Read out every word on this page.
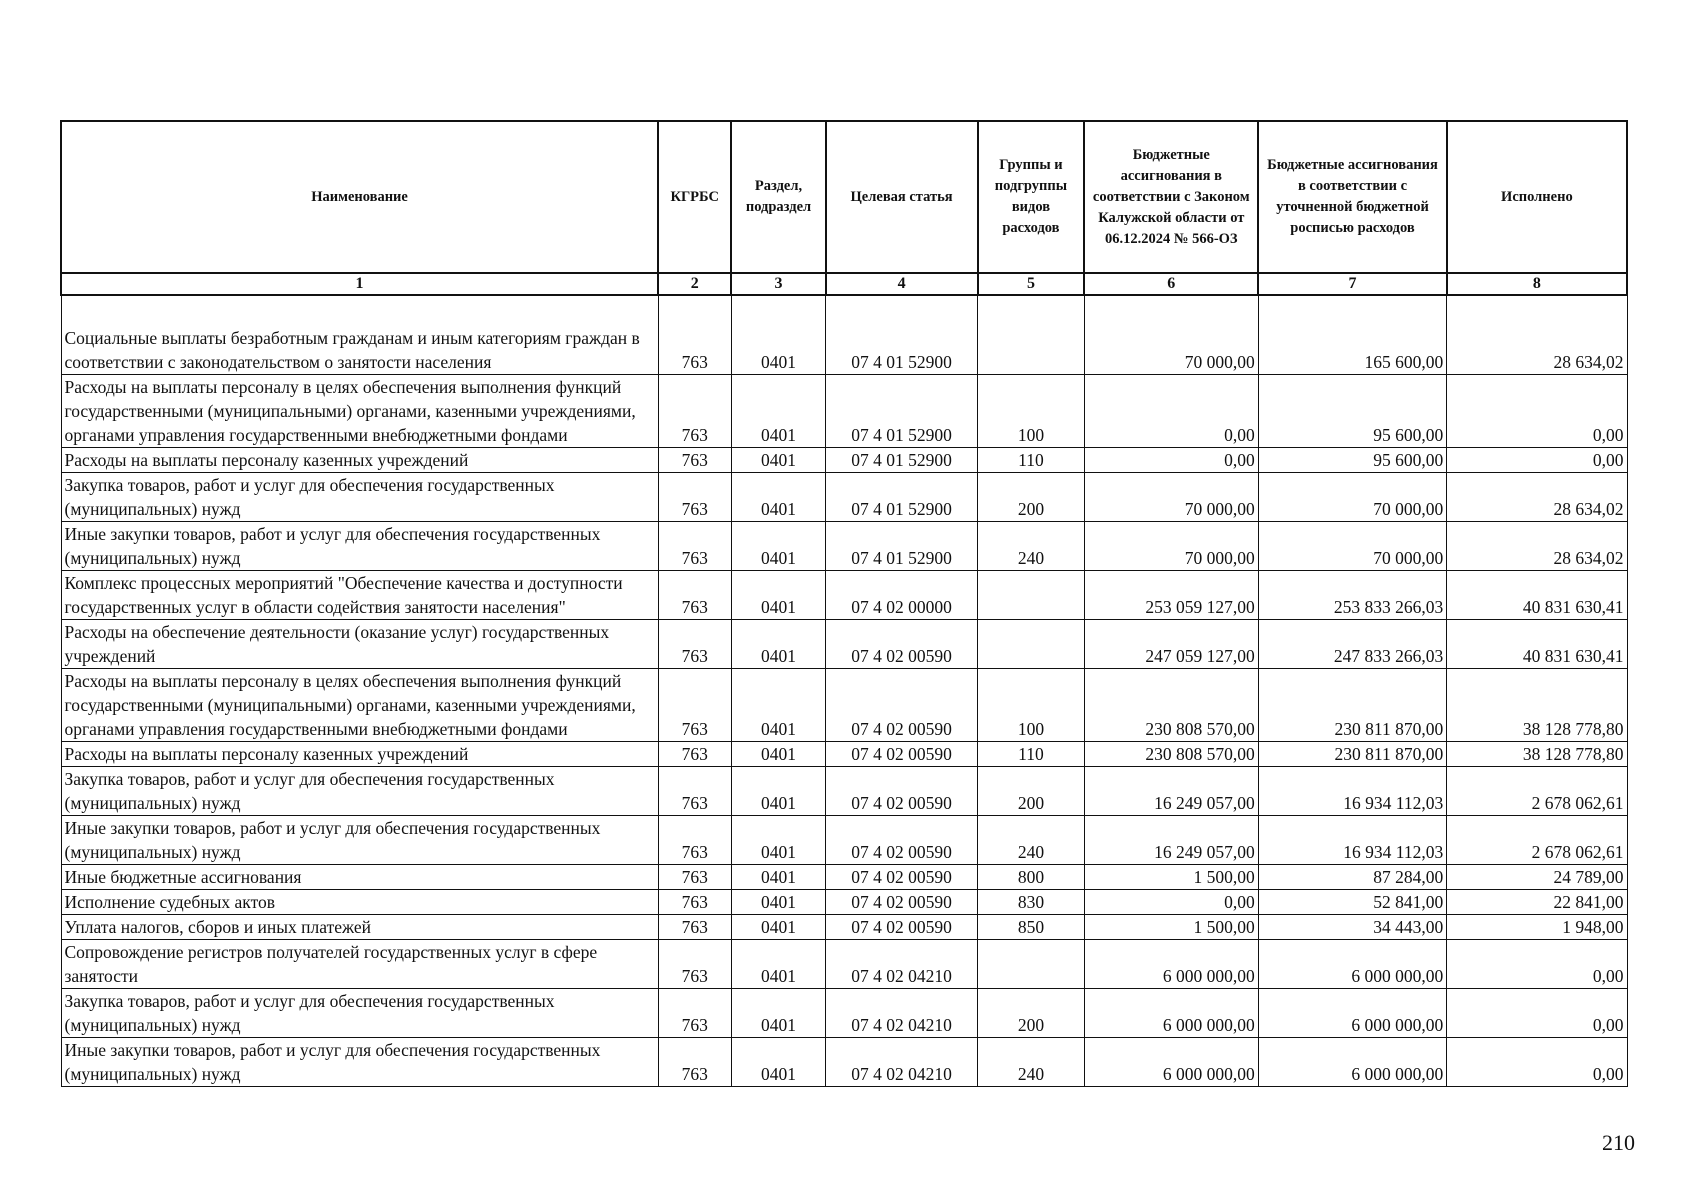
Наименование	КГРБС	Раздел, подраздел	Целевая статья	Группы и подгруппы видов расходов	Бюджетные ассигнования в соответствии с Законом Калужской области от 06.12.2024 № 566-ОЗ	Бюджетные ассигнования в соответствии с уточненной бюджетной росписью расходов	Исполнено
1	2	3	4	5	6	7	8

Социальные выплаты безработным гражданам и иным категориям граждан в соответствии с законодательством о занятости населения	763	0401	07 4 01 52900		70 000,00	165 600,00	28 634,02
Расходы на выплаты персоналу в целях обеспечения выполнения функций государственными (муниципальными) органами, казенными учреждениями, органами управления государственными внебюджетными фондами	763	0401	07 4 01 52900	100	0,00	95 600,00	0,00
Расходы на выплаты персоналу казенных учреждений	763	0401	07 4 01 52900	110	0,00	95 600,00	0,00
Закупка товаров, работ и услуг для обеспечения государственных (муниципальных) нужд	763	0401	07 4 01 52900	200	70 000,00	70 000,00	28 634,02
Иные закупки товаров, работ и услуг для обеспечения государственных (муниципальных) нужд	763	0401	07 4 01 52900	240	70 000,00	70 000,00	28 634,02
Комплекс процессных мероприятий "Обеспечение качества и доступности государственных услуг в области содействия занятости населения"	763	0401	07 4 02 00000		253 059 127,00	253 833 266,03	40 831 630,41
Расходы на обеспечение деятельности (оказание услуг) государственных учреждений	763	0401	07 4 02 00590		247 059 127,00	247 833 266,03	40 831 630,41
Расходы на выплаты персоналу в целях обеспечения выполнения функций государственными (муниципальными) органами, казенными учреждениями, органами управления государственными внебюджетными фондами	763	0401	07 4 02 00590	100	230 808 570,00	230 811 870,00	38 128 778,80
Расходы на выплаты персоналу казенных учреждений	763	0401	07 4 02 00590	110	230 808 570,00	230 811 870,00	38 128 778,80
Закупка товаров, работ и услуг для обеспечения государственных (муниципальных) нужд	763	0401	07 4 02 00590	200	16 249 057,00	16 934 112,03	2 678 062,61
Иные закупки товаров, работ и услуг для обеспечения государственных (муниципальных) нужд	763	0401	07 4 02 00590	240	16 249 057,00	16 934 112,03	2 678 062,61
Иные бюджетные ассигнования	763	0401	07 4 02 00590	800	1 500,00	87 284,00	24 789,00
Исполнение судебных актов	763	0401	07 4 02 00590	830	0,00	52 841,00	22 841,00
Уплата налогов, сборов и иных платежей	763	0401	07 4 02 00590	850	1 500,00	34 443,00	1 948,00
Сопровождение регистров получателей государственных услуг в сфере занятости	763	0401	07 4 02 04210		6 000 000,00	6 000 000,00	0,00
Закупка товаров, работ и услуг для обеспечения государственных (муниципальных) нужд	763	0401	07 4 02 04210	200	6 000 000,00	6 000 000,00	0,00
Иные закупки товаров, работ и услуг для обеспечения государственных (муниципальных) нужд	763	0401	07 4 02 04210	240	6 000 000,00	6 000 000,00	0,00
210
